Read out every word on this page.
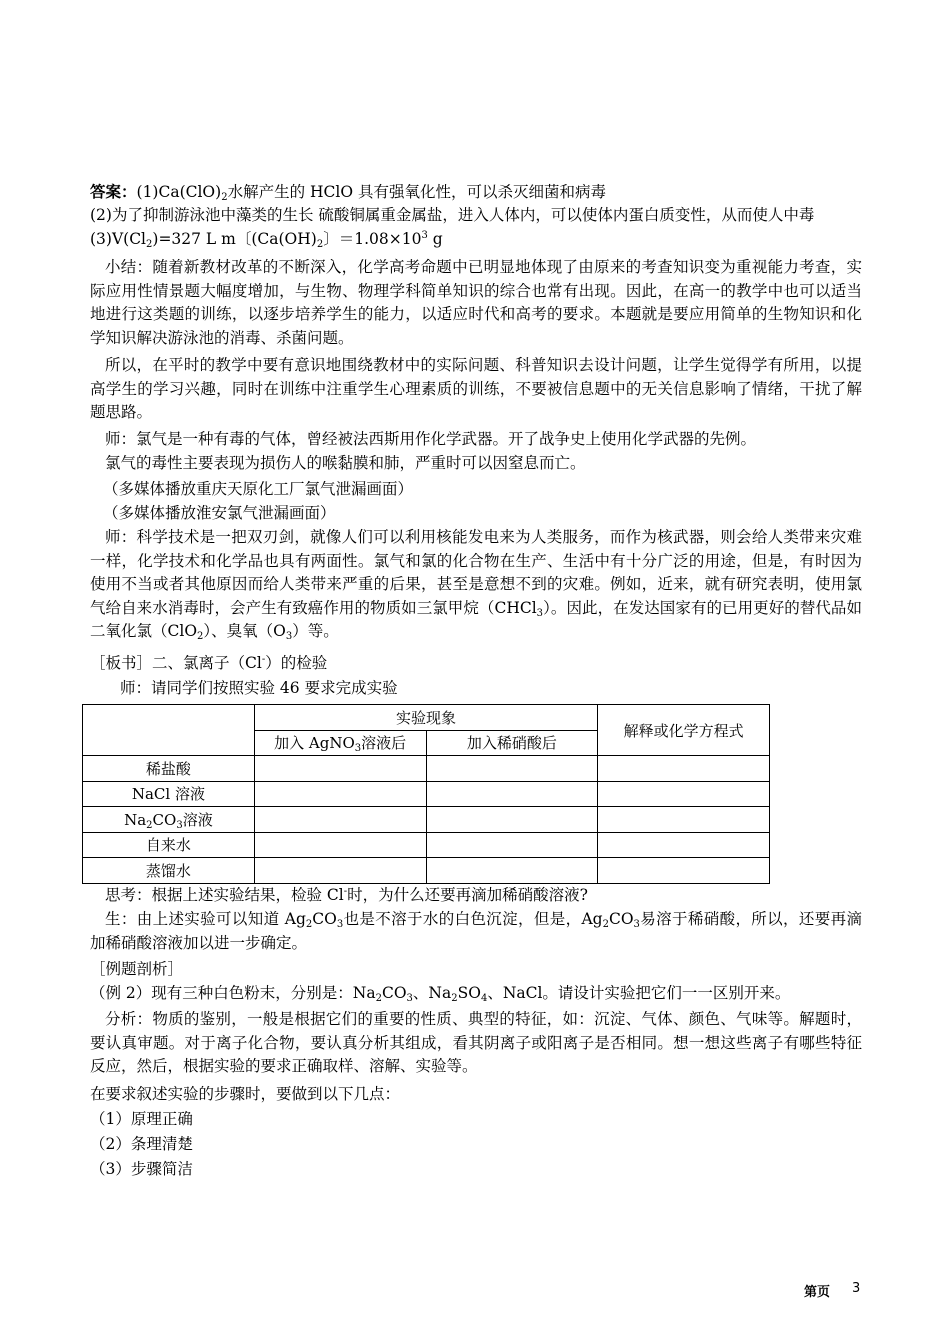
答案：$(1)Ca(ClO)_2$水解产生的 HClO 具有强氧化性，可以杀灭细菌和病毒
(2)为了抑制游泳池中藻类的生长 硫酸铜属重金属盐，进入人体内，可以使体内蛋白质变性，从而使人中毒
$(3)V(Cl_2)=327$ L m〔($Ca(OH)_2$〕$=1.08\times 10^3$ g
小结：随着新教材改革的不断深入，化学高考命题中已明显地体现了由原来的考查知识变为重视能力考查，实际应用性情景题大幅度增加，与生物、物理学科简单知识的综合也常有出现。因此，在高一的教学中也可以适当地进行这类题的训练，以逐步培养学生的能力，以适应时代和高考的要求。本题就是要应用简单的生物知识和化学知识解决游泳池的消毒、杀菌问题。
所以，在平时的教学中要有意识地围绕教材中的实际问题、科普知识去设计问题，让学生觉得学有所用，以提高学生的学习兴趣，同时在训练中注重学生心理素质的训练，不要被信息题中的无关信息影响了情绪，干扰了解题思路。
师：氯气是一种有毒的气体，曾经被法西斯用作化学武器。开了战争史上使用化学武器的先例。
氯气的毒性主要表现为损伤人的喉黏膜和肺，严重时可以因窒息而亡。
（多媒体播放重庆天原化工厂氯气泄漏画面）
（多媒体播放淮安氯气泄漏画面）
师：科学技术是一把双刃剑，就像人们可以利用核能发电来为人类服务，而作为核武器，则会给人类带来灾难一样，化学技术和化学品也具有两面性。氯气和氯的化合物在生产、生活中有十分广泛的用途，但是，有时因为使用不当或者其他原因而给人类带来严重的后果，甚至是意想不到的灾难。例如，近来，就有研究表明，使用氯气给自来水消毒时，会产生有致癌作用的物质如三氯甲烷（CHCl$_3$）。因此，在发达国家有的已用更好的替代品如二氧化氯（ClO$_2$）、臭氧$(O_3)$等。
［板书］二、氯离子（Cl-）的检验
师：请同学们按照实验 46 要求完成实验
	实验现象		解释或化学方程式
	加入 AgNO$_3$溶液后	加入稀硝酸后	
稀盐酸			
NaCl 溶液			
$Na_2CO_3$溶液			
自来水			
蒸馏水			
思考：根据上述实验结果，检验 Cl-时，为什么还要再滴加稀硝酸溶液?
生：由上述实验可以知道 $Ag_2CO_3$也是不溶于水的白色沉淀，但是，$Ag_2CO_3$易溶于稀硝酸，所以，还要再滴加稀硝酸溶液加以进一步确定。
［例题剖析］
（例 2）现有三种白色粉末，分别是：$Na_2CO_3$、$Na_2SO_4$、NaCl。请设计实验把它们一一区别开来。
分析：物质的鉴别，一般是根据它们的重要的性质、典型的特征，如：沉淀、气体、颜色、气味等。解题时，要认真审题。对于离子化合物，要认真分析其组成，看其阴离子或阳离子是否相同。想一想这些离子有哪些特征反应，然后，根据实验的要求正确取样、溶解、实验等。
在要求叙述实验的步骤时，要做到以下几点：
（1）原理正确
（2）条理清楚
（3）步骤简洁
第页 3
